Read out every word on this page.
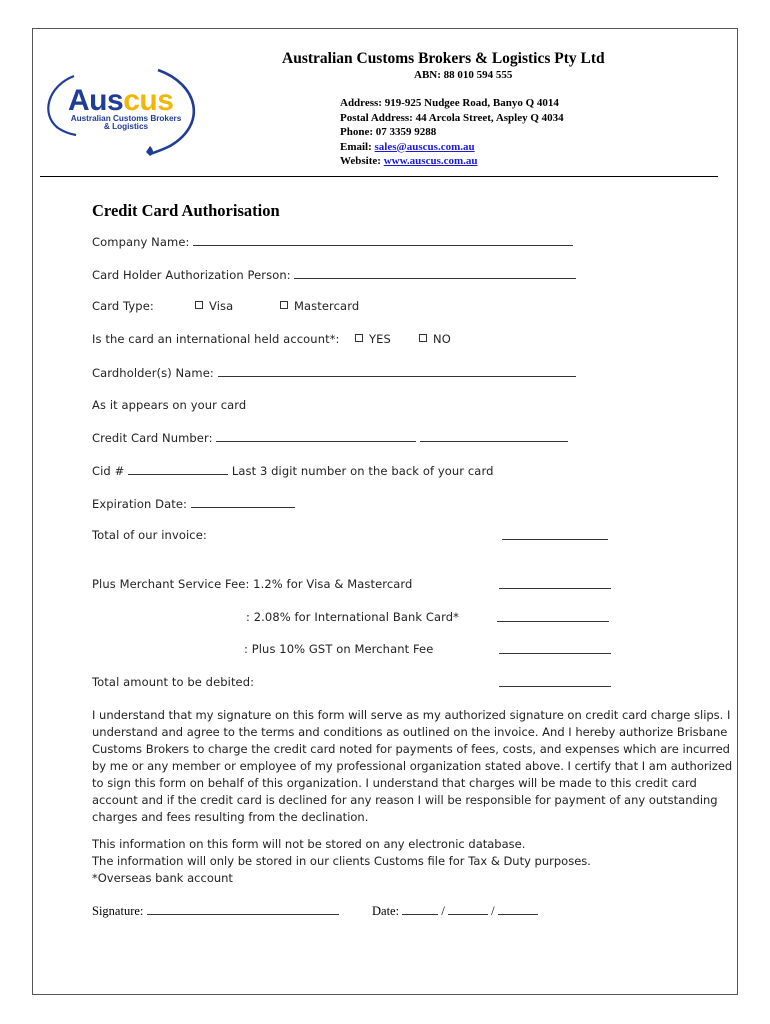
Auscus
Australian Customs Brokers
& Logistics
Australian Customs Brokers & Logistics Pty Ltd
ABN: 88 010 594 555
Address: 919-925 Nudgee Road, Banyo Q 4014
Postal Address: 44 Arcola Street, Aspley Q 4034
Phone: 07 3359 9288
Email: sales@auscus.com.au
Website: www.auscus.com.au
Credit Card Authorisation
Company Name:
Card Holder Authorization Person:
Card Type:	Visa	Mastercard
Is the card an international held account*:	YES	NO
Cardholder(s) Name:
As it appears on your card
Credit Card Number:
Cid #	Last 3 digit number on the back of your card
Expiration Date:
Total of our invoice:
Plus Merchant Service Fee: 1.2% for Visa & Mastercard
: 2.08% for International Bank Card*
: Plus 10% GST on Merchant Fee
Total amount to be debited:
I understand that my signature on this form will serve as my authorized signature on credit card charge slips. I understand and agree to the terms and conditions as outlined on the invoice. And I hereby authorize Brisbane Customs Brokers to charge the credit card noted for payments of fees, costs, and expenses which are incurred by me or any member or employee of my professional organization stated above. I certify that I am authorized to sign this form on behalf of this organization. I understand that charges will be made to this credit card account and if the credit card is declined for any reason I will be responsible for payment of any outstanding charges and fees resulting from the declination.
This information on this form will not be stored on any electronic database.
The information will only be stored in our clients Customs file for Tax & Duty purposes.
*Overseas bank account
Signature:	Date:	/	/
